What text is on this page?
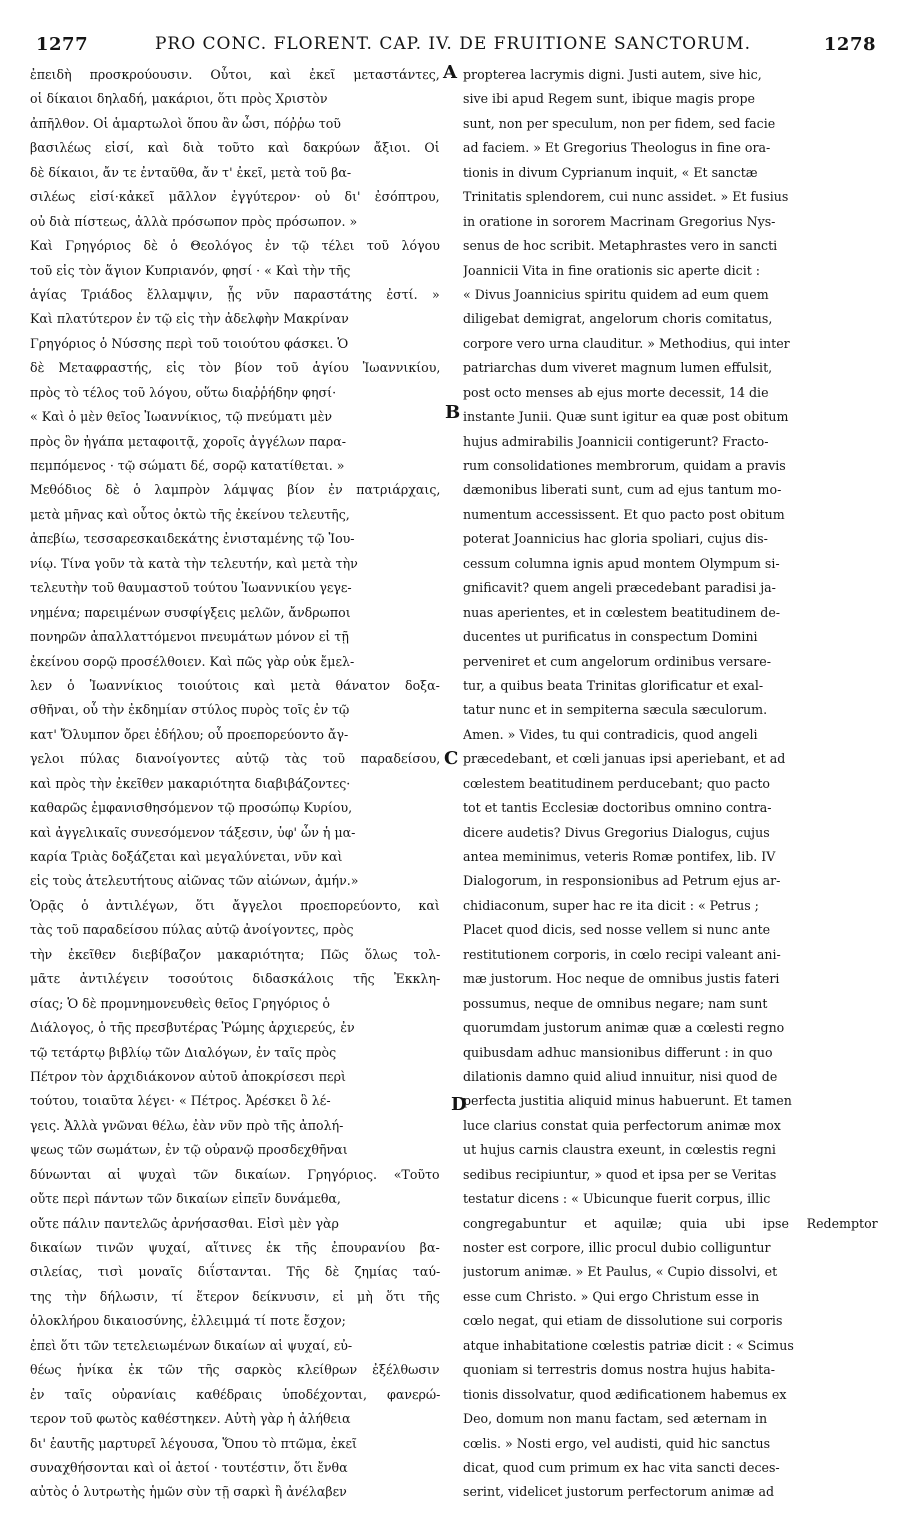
1277	PRO CONC. FLORENT. CAP. IV. DE FRUITIONE SANCTORUM.	1278
ἐπειδὴ προσκρούουσιν. Οὗτοι, καὶ ἐκεῖ μεταστάντες,
οἱ δίκαιοι δηλαδή, μακάριοι, ὅτι πρὸς Χριστὸν
ἀπῆλθον. Οἱ ἁμαρτωλοὶ ὅπου ἂν ὦσι, πόῤῥω τοῦ
βασιλέως εἰσί, καὶ διὰ τοῦτο καὶ δακρύων ἄξιοι. Οἱ
δὲ δίκαιοι, ἄν τε ἐνταῦθα, ἄν τ' ἐκεῖ, μετὰ τοῦ βα-
σιλέως εἰσί·κἀκεῖ μᾶλλον ἐγγύτερον· οὐ δι' ἐσόπτρου,
οὐ διὰ πίστεως, ἀλλὰ πρόσωπον πρὸς πρόσωπον. »
Καὶ Γρηγόριος δὲ ὁ Θεολόγος ἐν τῷ τέλει τοῦ λόγου
τοῦ εἰς τὸν ἅγιον Κυπριανόν, φησί · « Καὶ τὴν τῆς
ἁγίας Τριάδος ἔλλαμψιν, ᾗς νῦν παραστάτης ἐστί. »
Καὶ πλατύτερον ἐν τῷ εἰς τὴν ἀδελφὴν Μακρίναν
Γρηγόριος ὁ Νύσσης περὶ τοῦ τοιούτου φάσκει. Ὁ
δὲ Μεταφραστής, εἰς τὸν βίον τοῦ ἁγίου Ἰωαννικίου,
πρὸς τὸ τέλος τοῦ λόγου, οὕτω διαῤῥήδην φησί·
« Καὶ ὁ μὲν θεῖος Ἰωαννίκιος, τῷ πνεύματι μὲν
πρὸς ὃν ἠγάπα μεταφοιτᾷ, χοροῖς ἀγγέλων παρα-
πεμπόμενος · τῷ σώματι δέ, σορῷ κατατίθεται. »
Μεθόδιος δὲ ὁ λαμπρὸν λάμψας βίον ἐν πατριάρχαις,
μετὰ μῆνας καὶ οὗτος ὀκτὼ τῆς ἐκείνου τελευτῆς,
ἀπεβίω, τεσσαρεσκαιδεκάτης ἐνισταμένης τῷ Ἰου-
νίῳ. Τίνα γοῦν τὰ κατὰ τὴν τελευτήν, καὶ μετὰ τὴν
τελευτὴν τοῦ θαυμαστοῦ τούτου Ἰωαννικίου γεγε-
νημένα; παρειμένων συσφίγξεις μελῶν, ἄνδρωποι
πονηρῶν ἀπαλλαττόμενοι πνευμάτων μόνον εἰ τῇ
ἐκείνου σορῷ προσέλθοιεν. Καὶ πῶς γὰρ οὐκ ἔμελ-
λεν ὁ Ἰωαννίκιος τοιούτοις καὶ μετὰ θάνατον δοξα-
σθῆναι, οὗ τὴν ἐκδημίαν στύλος πυρὸς τοῖς ἐν τῷ
κατ' Ὄλυμπον ὄρει ἐδήλου; οὗ προεπορεύοντο ἄγ-
γελοι πύλας διανοίγοντες αὐτῷ τὰς τοῦ παραδείσου,
καὶ πρὸς τὴν ἐκεῖθεν μακαριότητα διαβιβάζοντες·
καθαρῶς ἐμφανισθησόμενον τῷ προσώπῳ Κυρίου,
καὶ ἀγγελικαῖς συνεσόμενον τάξεσιν, ὑφ' ὧν ἡ μα-
καρία Τριὰς δοξάζεται καὶ μεγαλύνεται, νῦν καὶ
εἰς τοὺς ἀτελευτήτους αἰῶνας τῶν αἰώνων, ἀμήν.»
Ὁρᾷς ὁ ἀντιλέγων, ὅτι ἄγγελοι προεπορεύοντο, καὶ
τὰς τοῦ παραδείσου πύλας αὐτῷ ἀνοίγοντες, πρὸς
τὴν ἐκεῖθεν διεβίβαζον μακαριότητα; Πῶς ὅλως τολ-
μᾶτε ἀντιλέγειν τοσούτοις διδασκάλοις τῆς Ἐκκλη-
σίας; Ὁ δὲ προμνημονευθεὶς θεῖος Γρηγόριος ὁ
Διάλογος, ὁ τῆς πρεσβυτέρας Ῥώμης ἀρχιερεύς, ἐν
τῷ τετάρτῳ βιβλίῳ τῶν Διαλόγων, ἐν ταῖς πρὸς
Πέτρον τὸν ἀρχιδιάκονον αὐτοῦ ἀποκρίσεσι περὶ
τούτου, τοιαῦτα λέγει· « Πέτρος. Ἀρέσκει ὃ λέ-
γεις. Ἀλλὰ γνῶναι θέλω, ἐὰν νῦν πρὸ τῆς ἀπολή-
ψεως τῶν σωμάτων, ἐν τῷ οὐρανῷ προσδεχθῆναι
δύνωνται αἱ ψυχαὶ τῶν δικαίων. Γρηγόριος. «Τοῦτο
οὔτε περὶ πάντων τῶν δικαίων εἰπεῖν δυνάμεθα,
οὔτε πάλιν παντελῶς ἀρνήσασθαι. Εἰσὶ μὲν γὰρ
δικαίων τινῶν ψυχαί, αἵτινες ἐκ τῆς ἐπουρανίου βα-
σιλείας, τισὶ μοναῖς διΐστανται. Τῆς δὲ ζημίας ταύ-
της τὴν δήλωσιν, τί ἕτερον δείκνυσιν, εἰ μὴ ὅτι τῆς
ὁλοκλήρου δικαιοσύνης, ἐλλειμμά τί ποτε ἔσχον;
ἐπεὶ ὅτι τῶν τετελειωμένων δικαίων αἱ ψυχαί, εὐ-
θέως ἡνίκα ἐκ τῶν τῆς σαρκὸς κλείθρων ἐξέλθωσιν
ἐν ταῖς οὐρανίαις καθέδραις ὑποδέχονται, φανερώ-
τερον τοῦ φωτὸς καθέστηκεν. Αὐτὴ γὰρ ἡ ἀλήθεια
δι' ἑαυτῆς μαρτυρεῖ λέγουσα, Ὅπου τὸ πτῶμα, ἐκεῖ
συναχθήσονται καὶ οἱ ἀετοί · τουτέστιν, ὅτι ἔνθα
αὐτὸς ὁ λυτρωτὴς ἡμῶν σὺν τῇ σαρκὶ ἢ ἀνέλαβεν
propterea lacrymis digni. Justi autem, sive hic,
sive ibi apud Regem sunt, ibique magis prope
sunt, non per speculum, non per fidem, sed facie
ad faciem. » Et Gregorius Theologus in fine ora-
tionis in divum Cyprianum inquit, « Et sanctæ
Trinitatis splendorem, cui nunc assidet. » Et fusius
in oratione in sororem Macrinam Gregorius Nys-
senus de hoc scribit. Metaphrastes vero in sancti
Joannicii Vita in fine orationis sic aperte dicit :
« Divus Joannicius spiritu quidem ad eum quem
diligebat demigrat, angelorum choris comitatus,
corpore vero urna clauditur. » Methodius, qui inter
patriarchas dum viveret magnum lumen effulsit,
post octo menses ab ejus morte decessit, 14 die
instante Junii. Quæ sunt igitur ea quæ post obitum
hujus admirabilis Joannicii contigerunt? Fracto-
rum consolidationes membrorum, quidam a pravis
dæmonibus liberati sunt, cum ad ejus tantum mo-
numentum accessissent. Et quo pacto post obitum
poterat Joannicius hac gloria spoliari, cujus dis-
cessum columna ignis apud montem Olympum si-
gnificavit? quem angeli præcedebant paradisi ja-
nuas aperientes, et in cœlestem beatitudinem de-
ducentes ut purificatus in conspectum Domini
perveniret et cum angelorum ordinibus versare-
tur, a quibus beata Trinitas glorificatur et exal-
tatur nunc et in sempiterna sæcula sæculorum.
Amen. » Vides, tu qui contradicis, quod angeli
præcedebant, et cœli januas ipsi aperiebant, et ad
cœlestem beatitudinem perducebant; quo pacto
tot et tantis Ecclesiæ doctoribus omnino contra-
dicere audetis? Divus Gregorius Dialogus, cujus
antea meminimus, veteris Romæ pontifex, lib. IV
Dialogorum, in responsionibus ad Petrum ejus ar-
chidiaconum, super hac re ita dicit : « Petrus ;
Placet quod dicis, sed nosse vellem si nunc ante
restitutionem corporis, in cœlo recipi valeant ani-
mæ justorum. Hoc neque de omnibus justis fateri
possumus, neque de omnibus negare; nam sunt
quorumdam justorum animæ quæ a cœlesti regno
quibusdam adhuc mansionibus differunt : in quo
dilationis damno quid aliud innuitur, nisi quod de
perfecta justitia aliquid minus habuerunt. Et tamen
luce clarius constat quia perfectorum animæ mox
ut hujus carnis claustra exeunt, in cœlestis regni
sedibus recipiuntur, » quod et ipsa per se Veritas
testatur dicens : « Ubicunque fuerit corpus, illic
congregabuntur et aquilæ; quia ubi ipse Redemptor
noster est corpore, illic procul dubio colliguntur
justorum animæ. » Et Paulus, « Cupio dissolvi, et
esse cum Christo. » Qui ergo Christum esse in
cœlo negat, qui etiam de dissolutione sui corporis
atque inhabitatione cœlestis patriæ dicit : « Scimus
quoniam si terrestris domus nostra hujus habita-
tionis dissolvatur, quod ædificationem habemus ex
Deo, domum non manu factam, sed æternam in
cœlis. » Nosti ergo, vel audisti, quid hic sanctus
dicat, quod cum primum ex hac vita sancti deces-
serint, videlicet justorum perfectorum animæ ad
A
B
C
D
